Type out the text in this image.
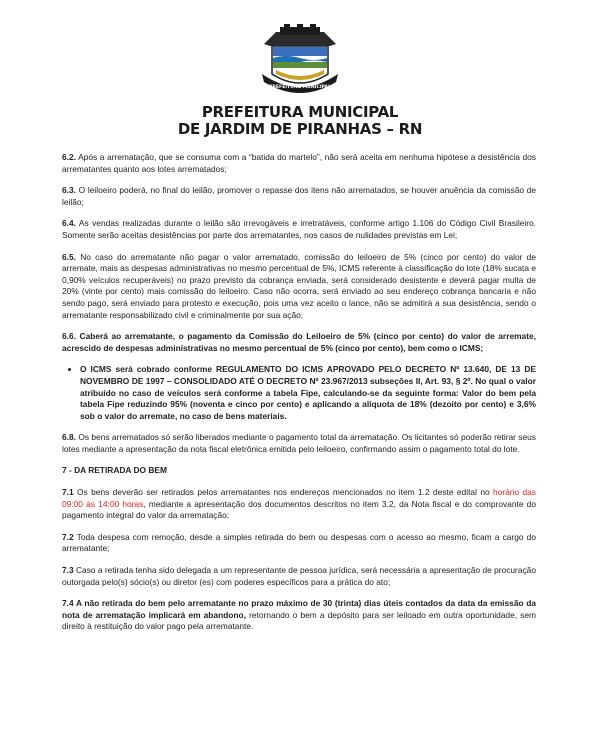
PREFEITURA MUNICIPAL
PREFEITURA MUNICIPAL
DE JARDIM DE PIRANHAS – RN

6.2. Após a arrematação, que se consuma com a “batida do martelo”, não será aceita em nenhuma hipótese a desistência dos arrematantes quanto aos lotes arrematados;

6.3. O leiloeiro poderá, no final do leilão, promover o repasse dos itens não arrematados, se houver anuência da comissão de leilão;

6.4. As vendas realizadas durante o leilão são irrevogáveis e irretratáveis, conforme artigo 1.106 do Código Civil Brasileiro. Somente serão aceitas desistências por parte dos arrematantes, nos casos de nulidades previstas em Lei;

6.5. No caso do arrematante não pagar o valor arrematado, comissão do leiloeiro de 5% (cinco por cento) do valor de arremate, mais as despesas administrativas no mesmo percentual de 5%, ICMS referente à classificação do lote (18% sucata e 0,90% veículos recuperáveis) no prazo previsto da cobrança enviada, será considerado desistente e deverá pagar multa de 20% (vinte por cento) mais comissão do leiloeiro. Caso não ocorra, será enviado ao seu endereço cobrança bancaria e não sendo pago, será enviado para protesto e execução, pois uma vez aceito o lance, não se admitirá a sua desistência, sendo o arrematante responsabilizado civil e criminalmente por sua ação;

6.6. Caberá ao arrematante, o pagamento da Comissão do Leiloeiro de 5% (cinco por cento) do valor de arremate, acrescido de despesas administrativas no mesmo percentual de 5% (cinco por cento), bem como o ICMS;

• O ICMS será cobrado conforme REGULAMENTO DO ICMS APROVADO PELO DECRETO Nº 13.640, DE 13 DE NOVEMBRO DE 1997 – CONSOLIDADO ATÉ O DECRETO Nº 23.967/2013 subseções II, Art. 93, § 2º. No qual o valor atribuído no caso de veículos será conforme a tabela Fipe, calculando-se da seguinte forma: Valor do bem pela tabela Fipe reduzindo 95% (noventa e cinco por cento) e aplicando a alíquota de 18% (dezoito por cento) e 3,6% sob o valor do arremate, no caso de bens materiais.

6.8. Os bens arrematados só serão liberados mediante o pagamento total da arrematação. Os licitantes só poderão retirar seus lotes mediante a apresentação da nota fiscal eletrônica emitida pelo leiloeiro, confirmando assim o pagamento total do lote.

7 - DA RETIRADA DO BEM

7.1 Os bens deverão ser retirados pelos arrematantes nos endereços mencionados no item 1.2 deste edital no horário das 09:00 às 14:00 horas, mediante a apresentação dos documentos descritos no item 3.2, da Nota fiscal e do comprovante do pagamento integral do valor da arrematação;

7.2 Toda despesa com remoção, desde a simples retirada do bem ou despesas com o acesso ao mesmo, ficam a cargo do arrematante;

7.3 Caso a retirada tenha sido delegada a um representante de pessoa jurídica, será necessária a apresentação de procuração outorgada pelo(s) sócio(s) ou diretor (es) com poderes específicos para a prática do ato;

7.4 A não retirada do bem pelo arrematante no prazo máximo de 30 (trinta) dias úteis contados da data da emissão da nota de arrematação implicará em abandono, retornando o bem a depósito para ser leiloado em outra oportunidade, sem direito à restituição do valor pago pela arrematante.
